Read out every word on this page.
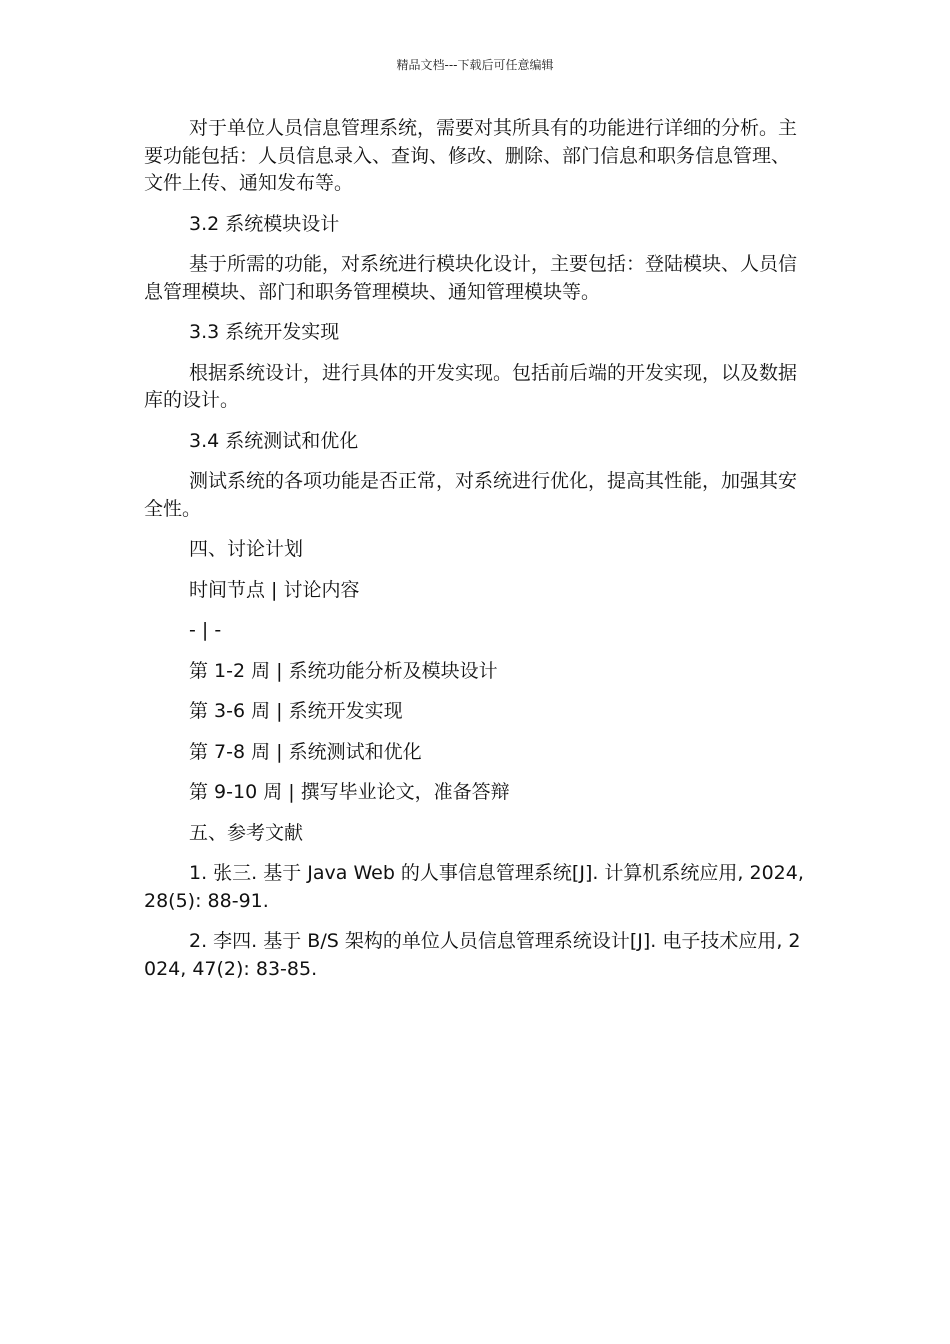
精品文档---下载后可任意编辑

对于单位人员信息管理系统，需要对其所具有的功能进行详细的分析。主要功能包括：人员信息录入、查询、修改、删除、部门信息和职务信息管理、文件上传、通知发布等。

3.2 系统模块设计

基于所需的功能，对系统进行模块化设计，主要包括：登陆模块、人员信息管理模块、部门和职务管理模块、通知管理模块等。

3.3 系统开发实现

根据系统设计，进行具体的开发实现。包括前后端的开发实现，以及数据库的设计。

3.4 系统测试和优化

测试系统的各项功能是否正常，对系统进行优化，提高其性能，加强其安全性。

四、讨论计划

时间节点 | 讨论内容

- | -

第 1-2 周 | 系统功能分析及模块设计

第 3-6 周 | 系统开发实现

第 7-8 周 | 系统测试和优化

第 9-10 周 | 撰写毕业论文，准备答辩

五、参考文献

1. 张三. 基于 Java Web 的人事信息管理系统[J]. 计算机系统应用, 2024, 28(5): 88-91.

2. 李四. 基于 B/S 架构的单位人员信息管理系统设计[J]. 电子技术应用, 2024, 47(2): 83-85.
